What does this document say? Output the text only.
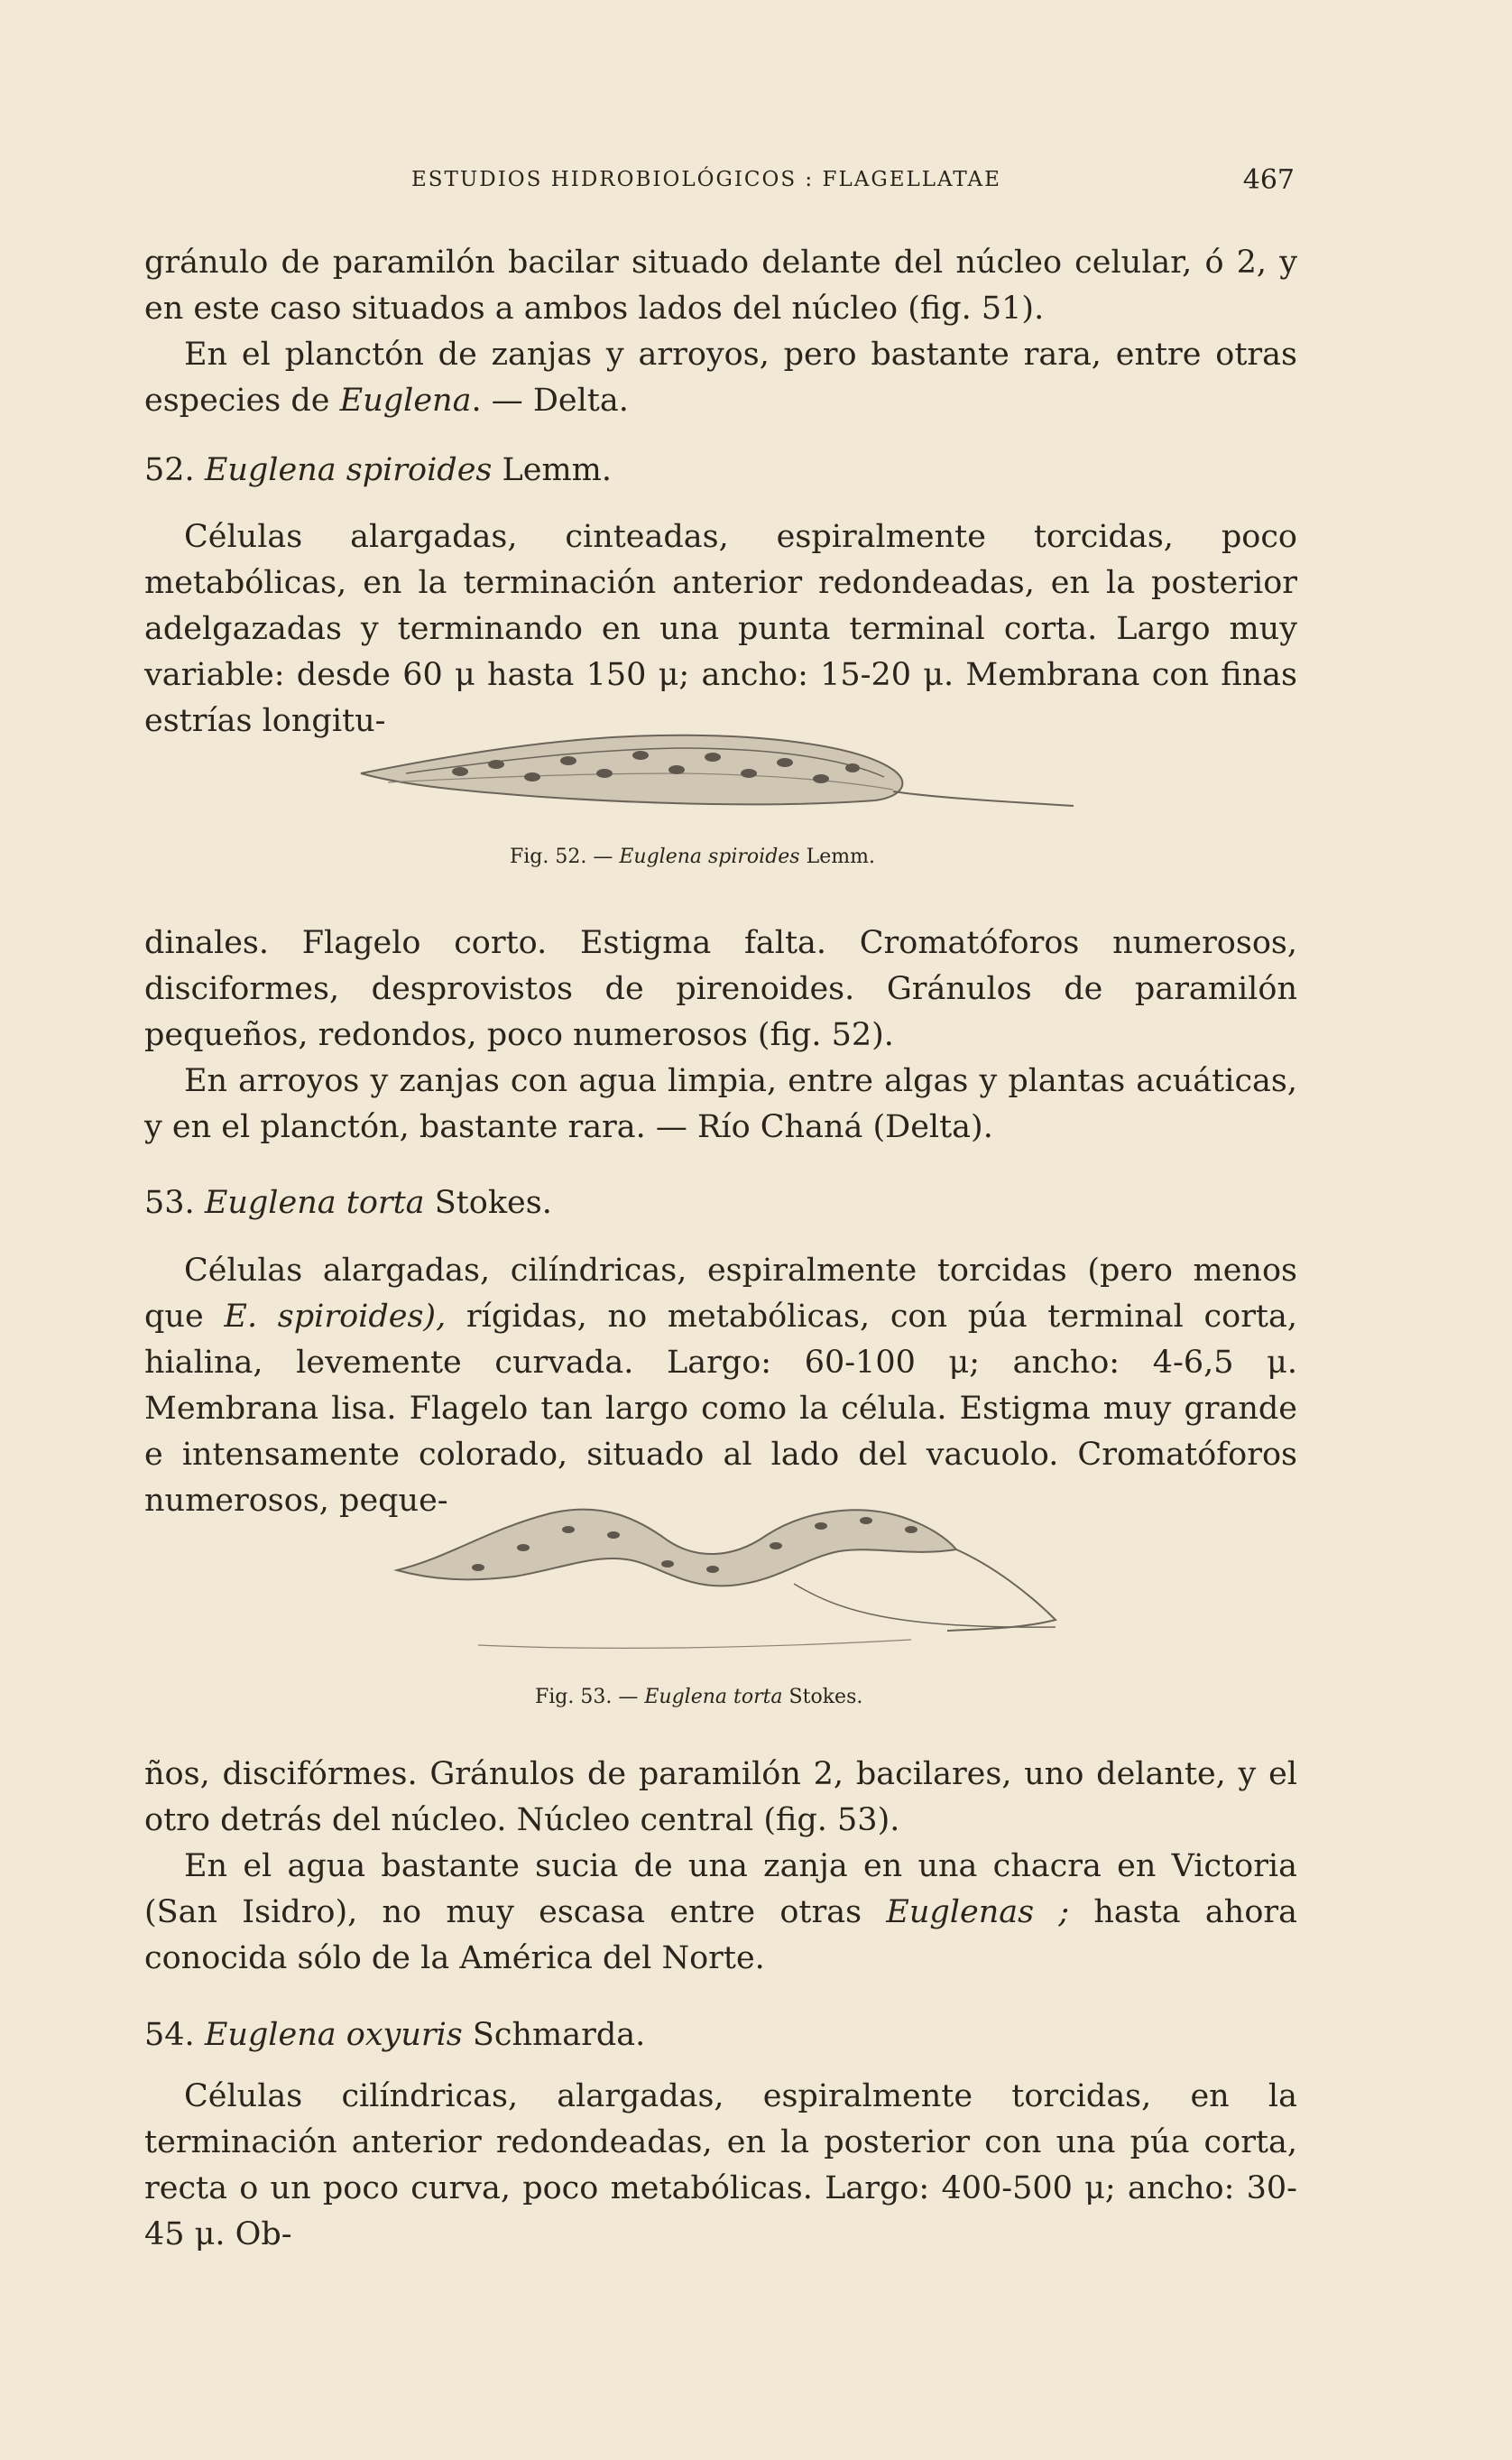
ESTUDIOS HIDROBIOLÓGICOS : FLAGELLATAE	467

gránulo de paramilón bacilar situado delante del núcleo celular, ó 2, y en este caso situados a ambos lados del núcleo (fig. 51).

En el planctón de zanjas y arroyos, pero bastante rara, entre otras especies de Euglena. — Delta.

52. Euglena spiroides Lemm.

Células alargadas, cinteadas, espiralmente torcidas, poco metabólicas, en la terminación anterior redondeadas, en la posterior adelgazadas y terminando en una punta terminal corta. Largo muy variable: desde 60 μ hasta 150 μ; ancho: 15-20 μ. Membrana con finas estrías longitu-

Fig. 52. — Euglena spiroides Lemm.

dinales. Flagelo corto. Estigma falta. Cromatóforos numerosos, disciformes, desprovistos de pirenoides. Gránulos de paramilón pequeños, redondos, poco numerosos (fig. 52).

En arroyos y zanjas con agua limpia, entre algas y plantas acuáticas, y en el planctón, bastante rara. — Río Chaná (Delta).

53. Euglena torta Stokes.

Células alargadas, cilíndricas, espiralmente torcidas (pero menos que E. spiroides), rígidas, no metabólicas, con púa terminal corta, hialina, levemente curvada. Largo: 60-100 μ; ancho: 4-6,5 μ. Membrana lisa. Flagelo tan largo como la célula. Estigma muy grande e intensamente colorado, situado al lado del vacuolo. Cromatóforos numerosos, peque-

Fig. 53. — Euglena torta Stokes.

ños, discifórmes. Gránulos de paramilón 2, bacilares, uno delante, y el otro detrás del núcleo. Núcleo central (fig. 53).

En el agua bastante sucia de una zanja en una chacra en Victoria (San Isidro), no muy escasa entre otras Euglenas ; hasta ahora conocida sólo de la América del Norte.

54. Euglena oxyuris Schmarda.

Células cilíndricas, alargadas, espiralmente torcidas, en la terminación anterior redondeadas, en la posterior con una púa corta, recta o un poco curva, poco metabólicas. Largo: 400-500 μ; ancho: 30-45 μ. Ob-
